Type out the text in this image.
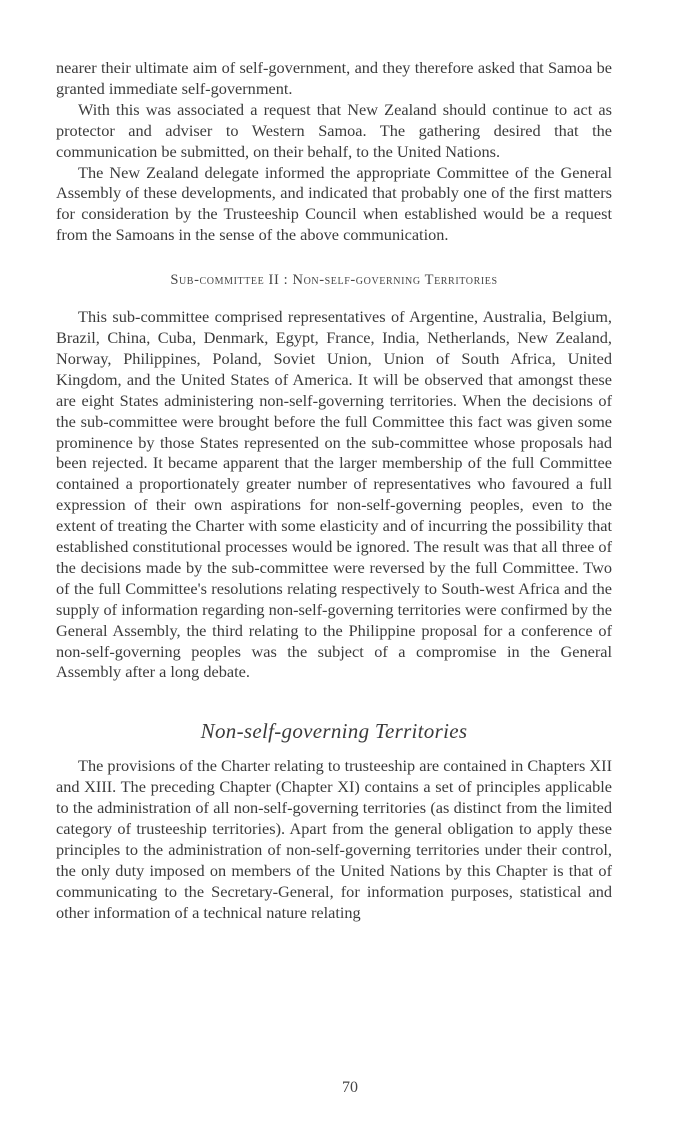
nearer their ultimate aim of self-government, and they therefore asked that Samoa be granted immediate self-government.

With this was associated a request that New Zealand should continue to act as protector and adviser to Western Samoa. The gathering desired that the communication be submitted, on their behalf, to the United Nations.

The New Zealand delegate informed the appropriate Committee of the General Assembly of these developments, and indicated that probably one of the first matters for consideration by the Trusteeship Council when established would be a request from the Samoans in the sense of the above communication.

Sub-committee II : Non-self-governing Territories

This sub-committee comprised representatives of Argentine, Australia, Belgium, Brazil, China, Cuba, Denmark, Egypt, France, India, Netherlands, New Zealand, Norway, Philippines, Poland, Soviet Union, Union of South Africa, United Kingdom, and the United States of America. It will be observed that amongst these are eight States administering non-self-governing territories. When the decisions of the sub-committee were brought before the full Committee this fact was given some prominence by those States represented on the sub-committee whose proposals had been rejected. It became apparent that the larger membership of the full Committee contained a proportionately greater number of representatives who favoured a full expression of their own aspirations for non-self-governing peoples, even to the extent of treating the Charter with some elasticity and of incurring the possibility that established constitutional processes would be ignored. The result was that all three of the decisions made by the sub-committee were reversed by the full Committee. Two of the full Committee's resolutions relating respectively to South-west Africa and the supply of information regarding non-self-governing territories were confirmed by the General Assembly, the third relating to the Philippine proposal for a conference of non-self-governing peoples was the subject of a compromise in the General Assembly after a long debate.

Non-self-governing Territories

The provisions of the Charter relating to trusteeship are contained in Chapters XII and XIII. The preceding Chapter (Chapter XI) contains a set of principles applicable to the administration of all non-self-governing territories (as distinct from the limited category of trusteeship territories). Apart from the general obligation to apply these principles to the administration of non-self-governing territories under their control, the only duty imposed on members of the United Nations by this Chapter is that of communicating to the Secretary-General, for information purposes, statistical and other information of a technical nature relating

70
